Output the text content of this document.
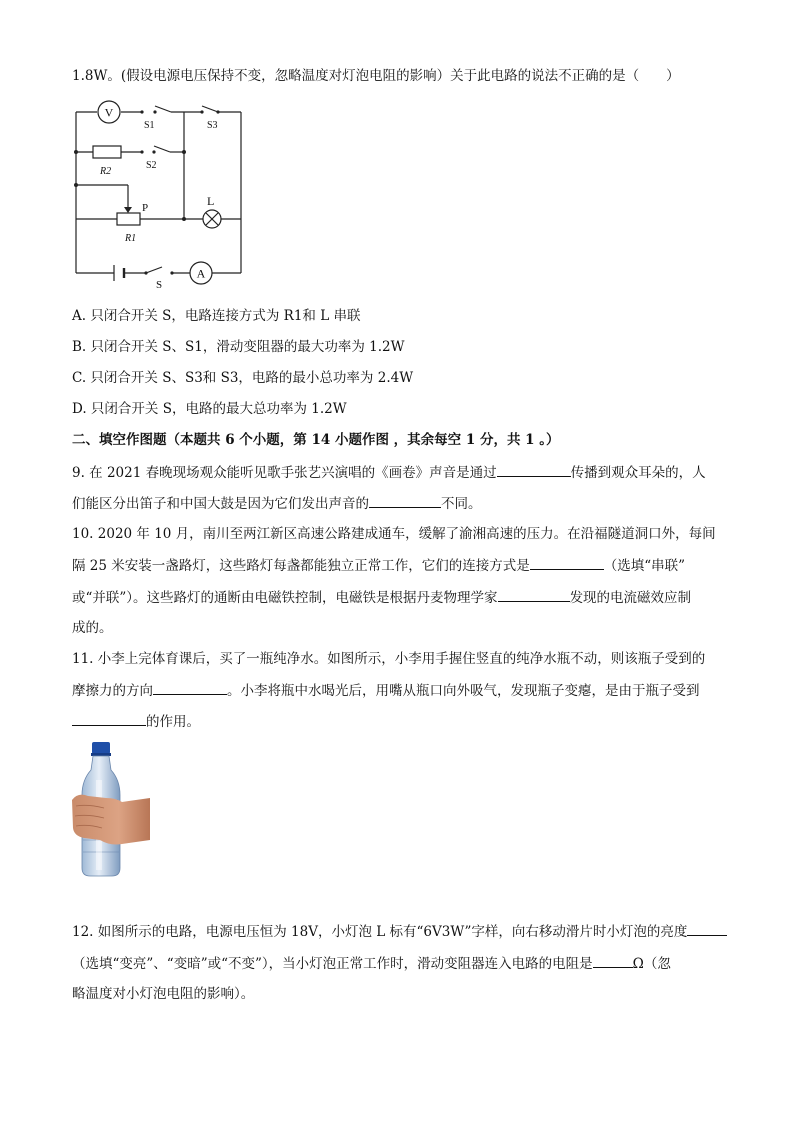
1.8W。(假设电源电压保持不变，忽略温度对灯泡电阻的影响）关于此电路的说法不正确的是（　　）
V
A
L
P
S
S1
S2
S3
R2
R1
A. 只闭合开关 S，电路连接方式为 R1和 L 串联
B. 只闭合开关 S、S1，滑动变阻器的最大功率为 1.2W
C. 只闭合开关 S、S3和 S3，电路的最小总功率为 2.4W
D. 只闭合开关 S，电路的最大总功率为 1.2W
二、填空作图题（本题共 6 个小题，第 14 小题作图 ，其余每空 1 分，共 1 。）
9. 在 2021 春晚现场观众能听见歌手张艺兴演唱的《画卷》声音是通过	传播到观众耳朵的，人
们能区分出笛子和中国大鼓是因为它们发出声音的	不同。
10. 2020 年 10 月，南川至两江新区高速公路建成通车，缓解了渝湘高速的压力。在沿福隧道洞口外，每间
隔 25 米安装一盏路灯，这些路灯每盏都能独立正常工作，它们的连接方式是	（选填“串联”
或“并联”）。这些路灯的通断由电磁铁控制，电磁铁是根据丹麦物理学家	发现的电流磁效应制
成的。
11. 小李上完体育课后，买了一瓶纯净水。如图所示，小李用手握住竖直的纯净水瓶不动，则该瓶子受到的
摩擦力的方向	。小李将瓶中水喝光后，用嘴从瓶口向外吸气，发现瓶子变瘪，是由于瓶子受到
的作用。
12. 如图所示的电路，电源电压恒为 18V，小灯泡 L 标有“6V3W”字样，向右移动滑片时小灯泡的亮度
（选填“变亮”、“变暗”或“不变”），当小灯泡正常工作时，滑动变阻器连入电路的电阻是	Ω（忽
略温度对小灯泡电阻的影响）。
